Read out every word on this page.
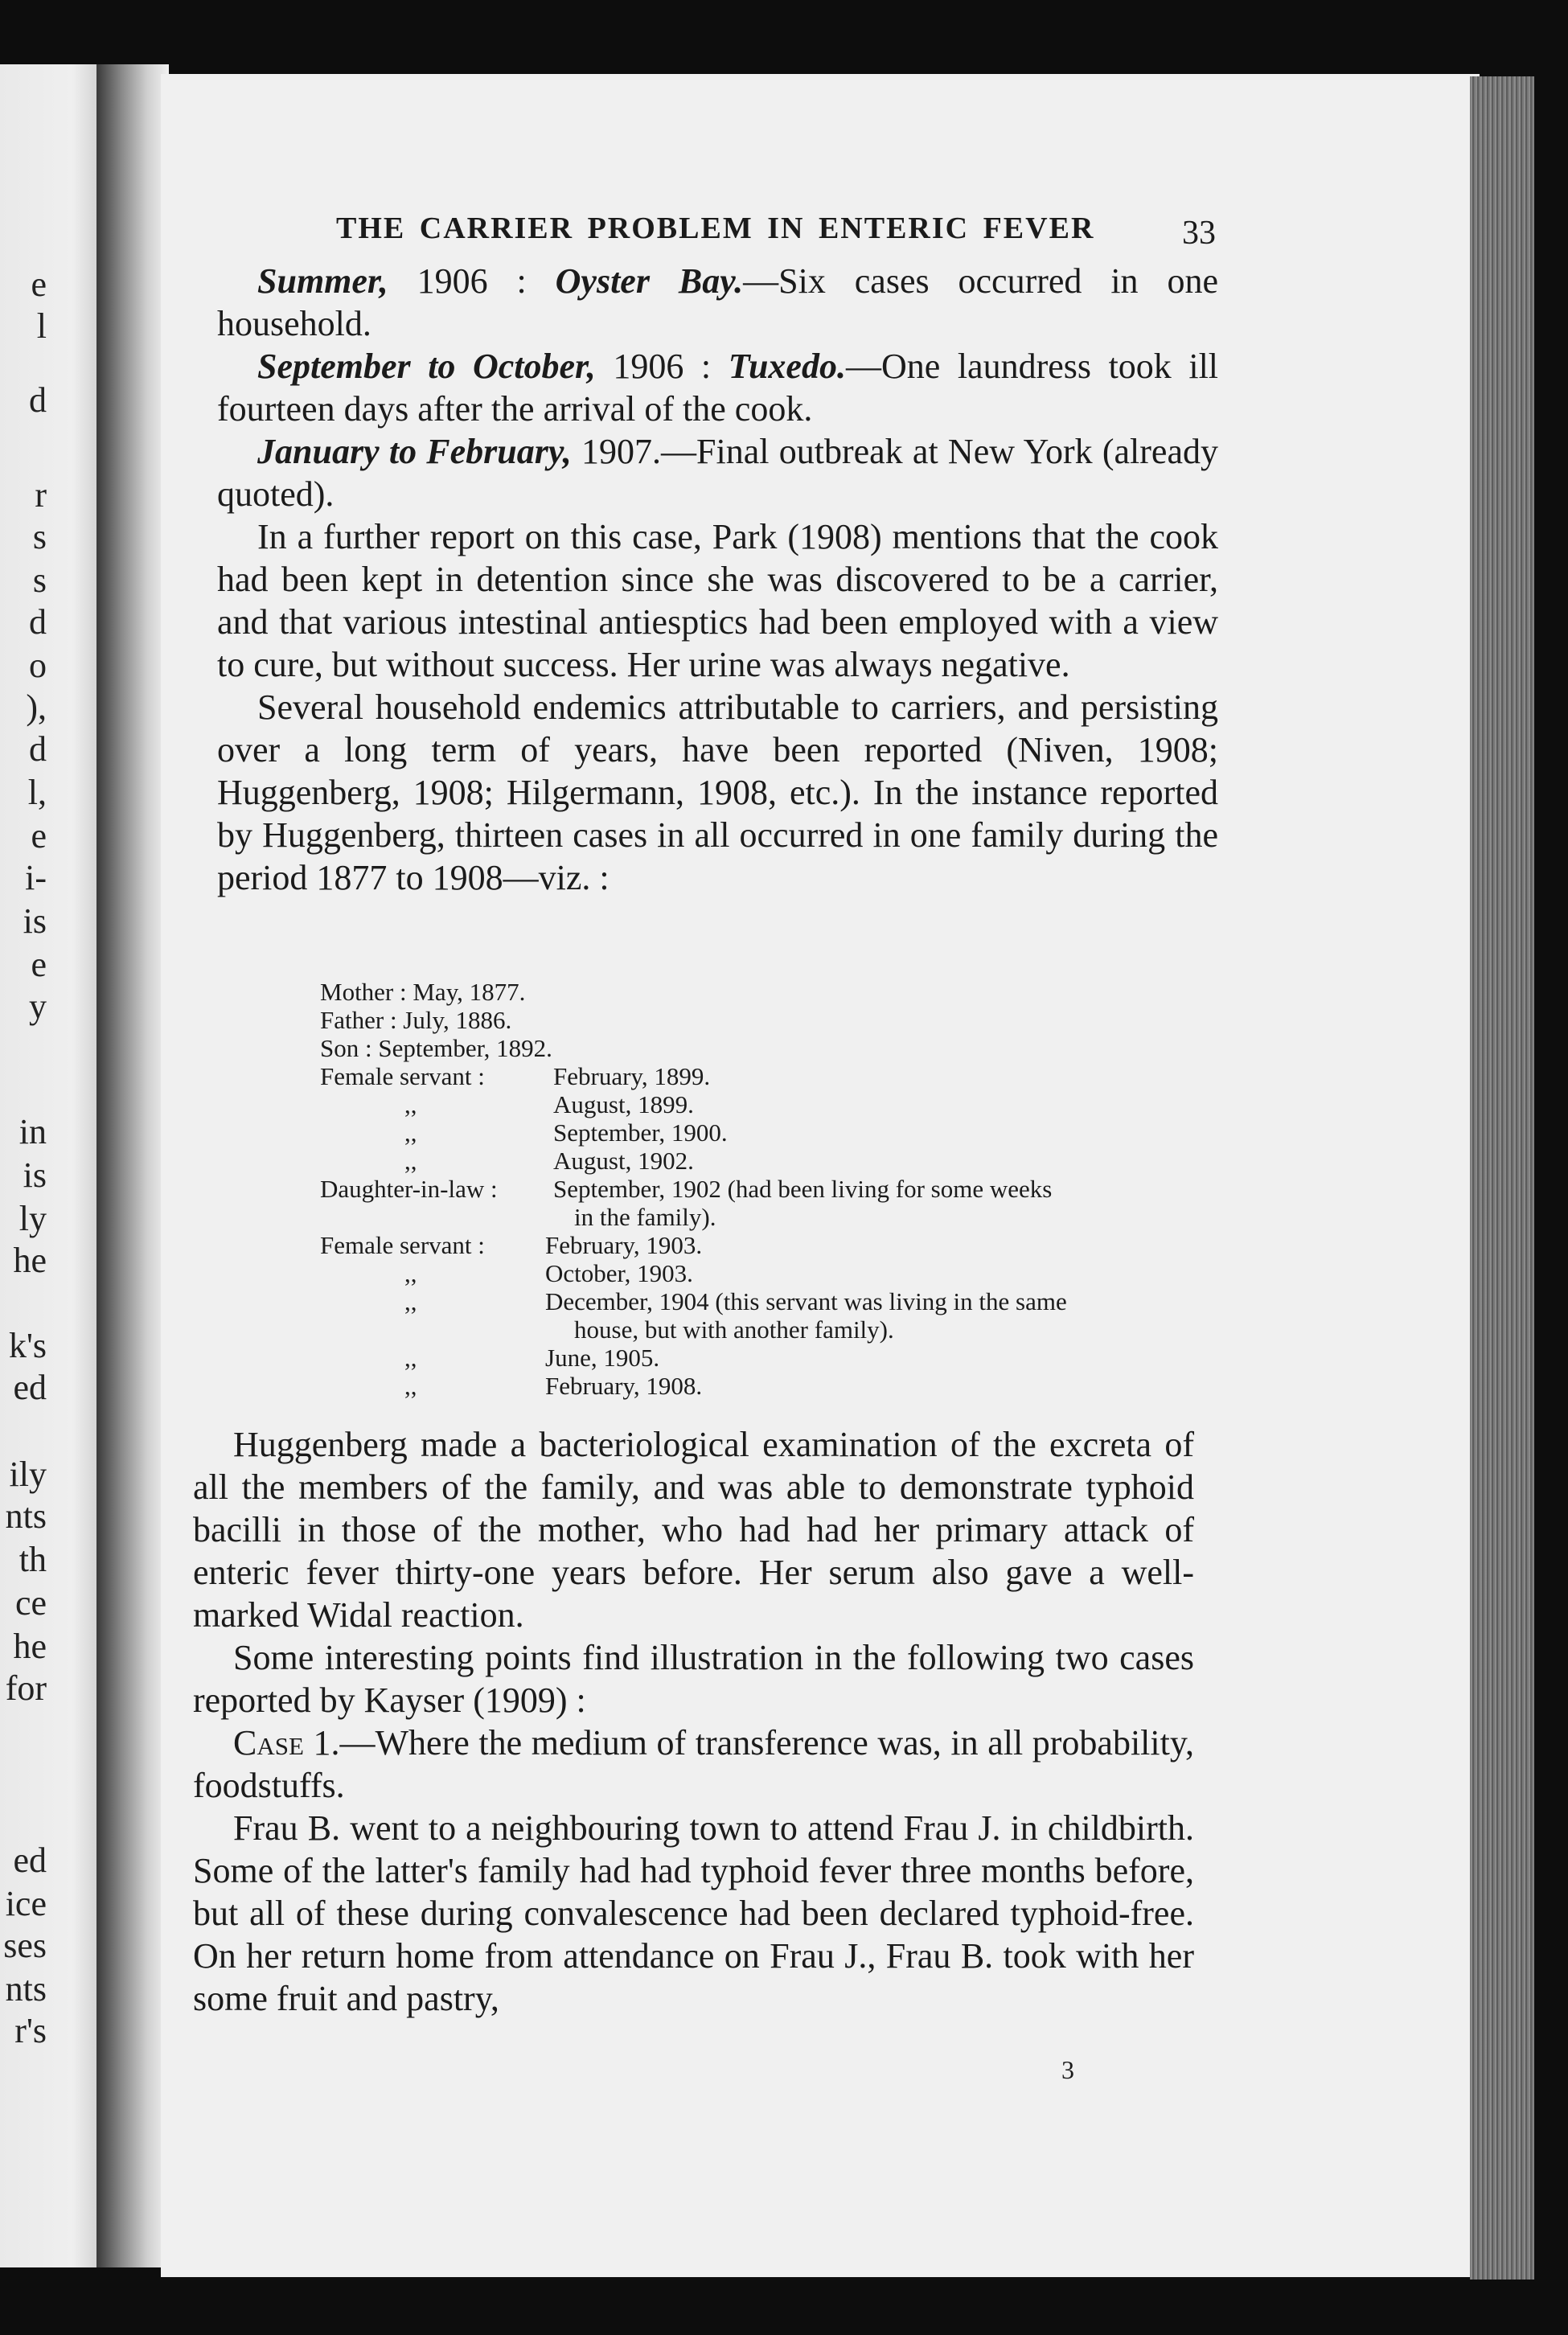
e
l
d
r
s
s
d
o
),
d
l,
e
i-
is
e
y
in
is
ly
he
k's
ed
ily
nts
th
ce
he
for
ed
ice
ses
nts
r's
THE CARRIER PROBLEM IN ENTERIC FEVER	33

Summer, 1906 : Oyster Bay.—Six cases occurred in one household.

September to October, 1906 : Tuxedo.—One laundress took ill fourteen days after the arrival of the cook.

January to February, 1907.—Final outbreak at New York (already quoted).

In a further report on this case, Park (1908) mentions that the cook had been kept in detention since she was discovered to be a carrier, and that various intestinal antiesptics had been employed with a view to cure, but without success. Her urine was always negative.

Several household endemics attributable to carriers, and persisting over a long term of years, have been reported (Niven, 1908; Huggenberg, 1908; Hilgermann, 1908, etc.). In the instance reported by Huggenberg, thirteen cases in all occurred in one family during the period 1877 to 1908—viz. :

Mother : May, 1877.
Father : July, 1886.
Son : September, 1892.
Female servant :	February, 1899.
,,	August, 1899.
,,	September, 1900.
,,	August, 1902.
Daughter-in-law : September, 1902 (had been living for some weeks
in the family).
Female servant : February, 1903.
,,	October, 1903.
,,	December, 1904 (this servant was living in the same
house, but with another family).
,,	June, 1905.
,,	February, 1908.

Huggenberg made a bacteriological examination of the excreta of all the members of the family, and was able to demonstrate typhoid bacilli in those of the mother, who had had her primary attack of enteric fever thirty-one years before. Her serum also gave a well-marked Widal reaction.

Some interesting points find illustration in the following two cases reported by Kayser (1909) :

Case 1.—Where the medium of transference was, in all probability, foodstuffs.

Frau B. went to a neighbouring town to attend Frau J. in childbirth. Some of the latter's family had had typhoid fever three months before, but all of these during convalescence had been declared typhoid-free. On her return home from attendance on Frau J., Frau B. took with her some fruit and pastry,

3
